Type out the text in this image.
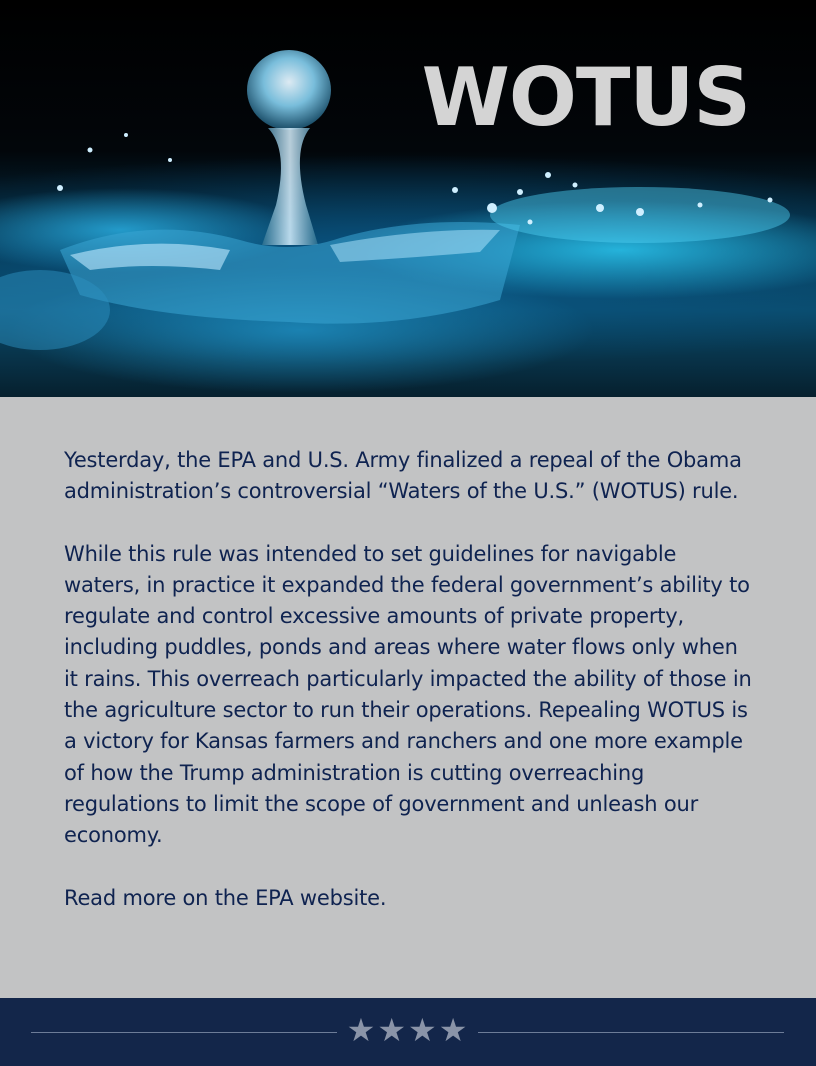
WOTUS

Yesterday, the EPA and U.S. Army finalized a repeal of the Obama administration’s controversial “Waters of the U.S.” (WOTUS) rule.

While this rule was intended to set guidelines for navigable waters, in practice it expanded the federal government’s ability to regulate and control excessive amounts of private property, including puddles, ponds and areas where water flows only when it rains. This overreach particularly impacted the ability of those in the agriculture sector to run their operations. Repealing WOTUS is a victory for Kansas farmers and ranchers and one more example of how the Trump administration is cutting overreaching regulations to limit the scope of government and unleash our economy.

Read more on the EPA website.

★★★★
